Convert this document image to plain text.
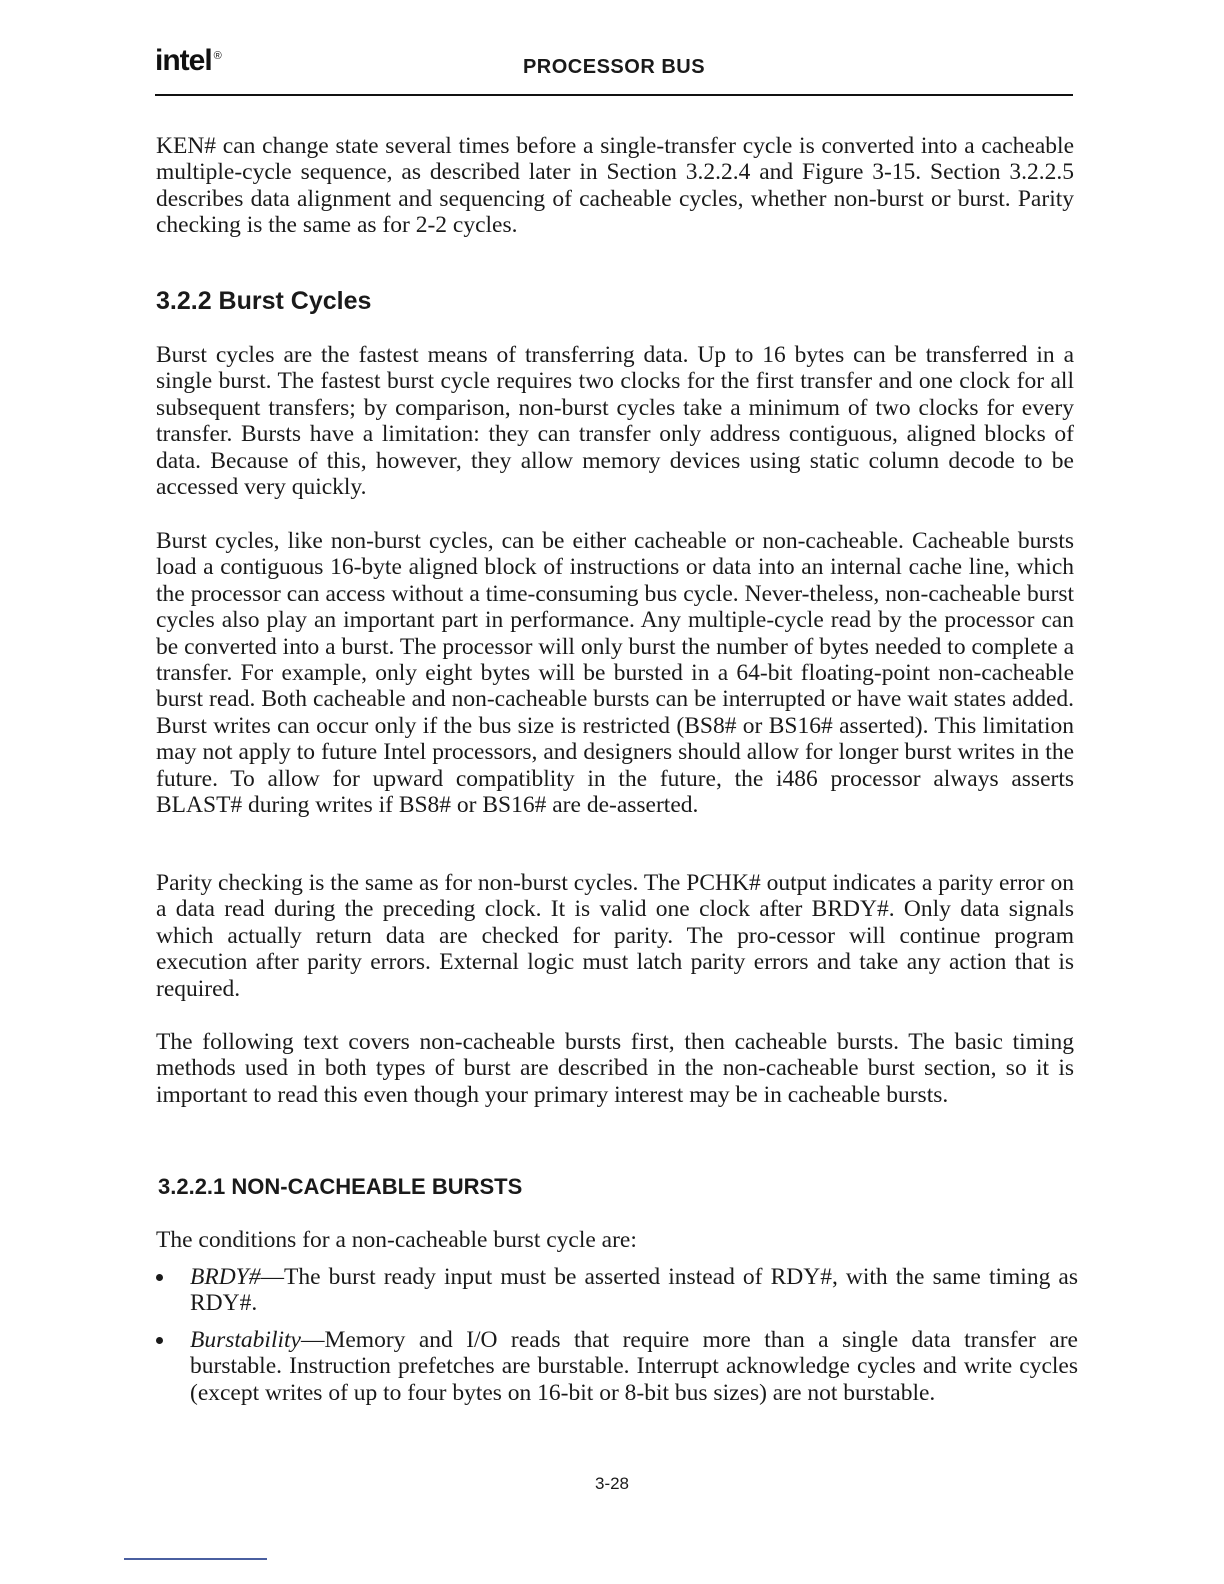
intel ®	PROCESSOR BUS

KEN# can change state several times before a single-transfer cycle is converted into a cacheable multiple-cycle sequence, as described later in Section 3.2.2.4 and Figure 3-15. Section 3.2.2.5 describes data alignment and sequencing of cacheable cycles, whether non-burst or burst. Parity checking is the same as for 2-2 cycles.

3.2.2 Burst Cycles

Burst cycles are the fastest means of transferring data. Up to 16 bytes can be transferred in a single burst. The fastest burst cycle requires two clocks for the first transfer and one clock for all subsequent transfers; by comparison, non-burst cycles take a minimum of two clocks for every transfer. Bursts have a limitation: they can transfer only address contiguous, aligned blocks of data. Because of this, however, they allow memory devices using static column decode to be accessed very quickly.

Burst cycles, like non-burst cycles, can be either cacheable or non-cacheable. Cacheable bursts load a contiguous 16-byte aligned block of instructions or data into an internal cache line, which the processor can access without a time-consuming bus cycle. Never-theless, non-cacheable burst cycles also play an important part in performance. Any multiple-cycle read by the processor can be converted into a burst. The processor will only burst the number of bytes needed to complete a transfer. For example, only eight bytes will be bursted in a 64-bit floating-point non-cacheable burst read. Both cacheable and non-cacheable bursts can be interrupted or have wait states added. Burst writes can occur only if the bus size is restricted (BS8# or BS16# asserted). This limitation may not apply to future Intel processors, and designers should allow for longer burst writes in the future. To allow for upward compatiblity in the future, the i486 processor always asserts BLAST# during writes if BS8# or BS16# are de-asserted.

Parity checking is the same as for non-burst cycles. The PCHK# output indicates a parity error on a data read during the preceding clock. It is valid one clock after BRDY#. Only data signals which actually return data are checked for parity. The pro-cessor will continue program execution after parity errors. External logic must latch parity errors and take any action that is required.

The following text covers non-cacheable bursts first, then cacheable bursts. The basic timing methods used in both types of burst are described in the non-cacheable burst section, so it is important to read this even though your primary interest may be in cacheable bursts.

3.2.2.1 NON-CACHEABLE BURSTS

The conditions for a non-cacheable burst cycle are:

BRDY#—The burst ready input must be asserted instead of RDY#, with the same timing as RDY#.
Burstability—Memory and I/O reads that require more than a single data transfer are burstable. Instruction prefetches are burstable. Interrupt acknowledge cycles and write cycles (except writes of up to four bytes on 16-bit or 8-bit bus sizes) are not burstable.
3-28
